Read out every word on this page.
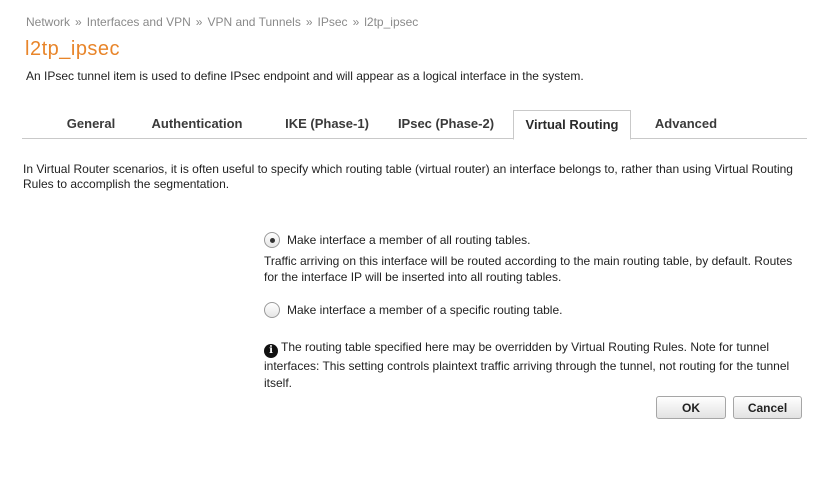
Network » Interfaces and VPN » VPN and Tunnels » IPsec » l2tp_ipsec
l2tp_ipsec
An IPsec tunnel item is used to define IPsec endpoint and will appear as a logical interface in the system.
General	Authentication	IKE (Phase-1)	IPsec (Phase-2)	Virtual Routing	Advanced
In Virtual Router scenarios, it is often useful to specify which routing table (virtual router) an interface belongs to, rather than using Virtual Routing Rules to accomplish the segmentation.
Make interface a member of all routing tables.
Traffic arriving on this interface will be routed according to the main routing table, by default. Routes for the interface IP will be inserted into all routing tables.
Make interface a member of a specific routing table.
i The routing table specified here may be overridden by Virtual Routing Rules. Note for tunnel interfaces: This setting controls plaintext traffic arriving through the tunnel, not routing for the tunnel itself.
OK	Cancel
